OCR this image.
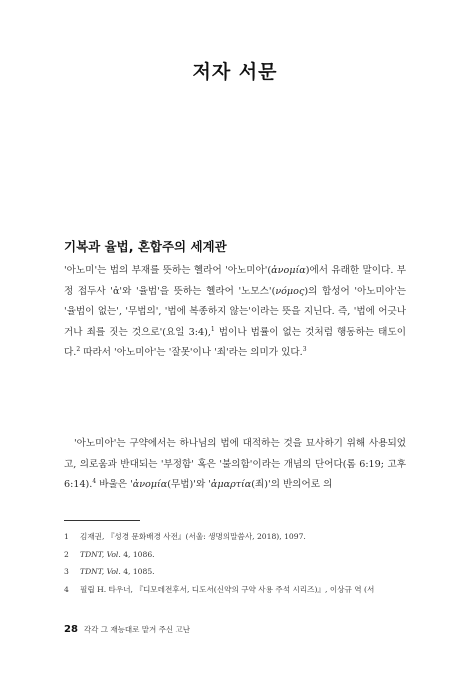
저자 서문
기복과 율법, 혼합주의 세계관

'아노미'는 법의 부재를 뜻하는 헬라어 '아노미아'(ἀνομία)에서 유래한 말이다. 부정 접두사 'ἀ'와 '율법'을 뜻하는 헬라어 '노모스'(νόμος)의 합성어 '아노미아'는 '율법이 없는', '무법의', '법에 복종하지 않는'이라는 뜻을 지닌다. 즉, '법에 어긋나거나 죄를 짓는 것으로'(요일 3:4),$^1$ 법이나 법률이 없는 것처럼 행동하는 태도이다.$^2$ 따라서 '아노미아'는 '잘못'이나 '죄'라는 의미가 있다.$^3$

'아노미아'는 구약에서는 하나님의 법에 대적하는 것을 묘사하기 위해 사용되었고, 의로움과 반대되는 '부정함' 혹은 '불의함'이라는 개념의 단어다(롬 6:19; 고후 6:14).$^4$ 바울은 'ἀνομία(무법)'와 'ἁμαρτία(죄)'의 반의어로 의

1 김재권, 『성경 문화배경 사전』(서울: 생명의말씀사, 2018), 1097.
2 TDNT, Vol. 4, 1086.
3 TDNT, Vol. 4, 1085.
4 필립 H. 타우너, 『디모데전후서, 디도서(신약의 구약 사용 주석 시리즈)』, 이상규 역 (서
28 각각 그 재능대로 맡겨 주신 고난
